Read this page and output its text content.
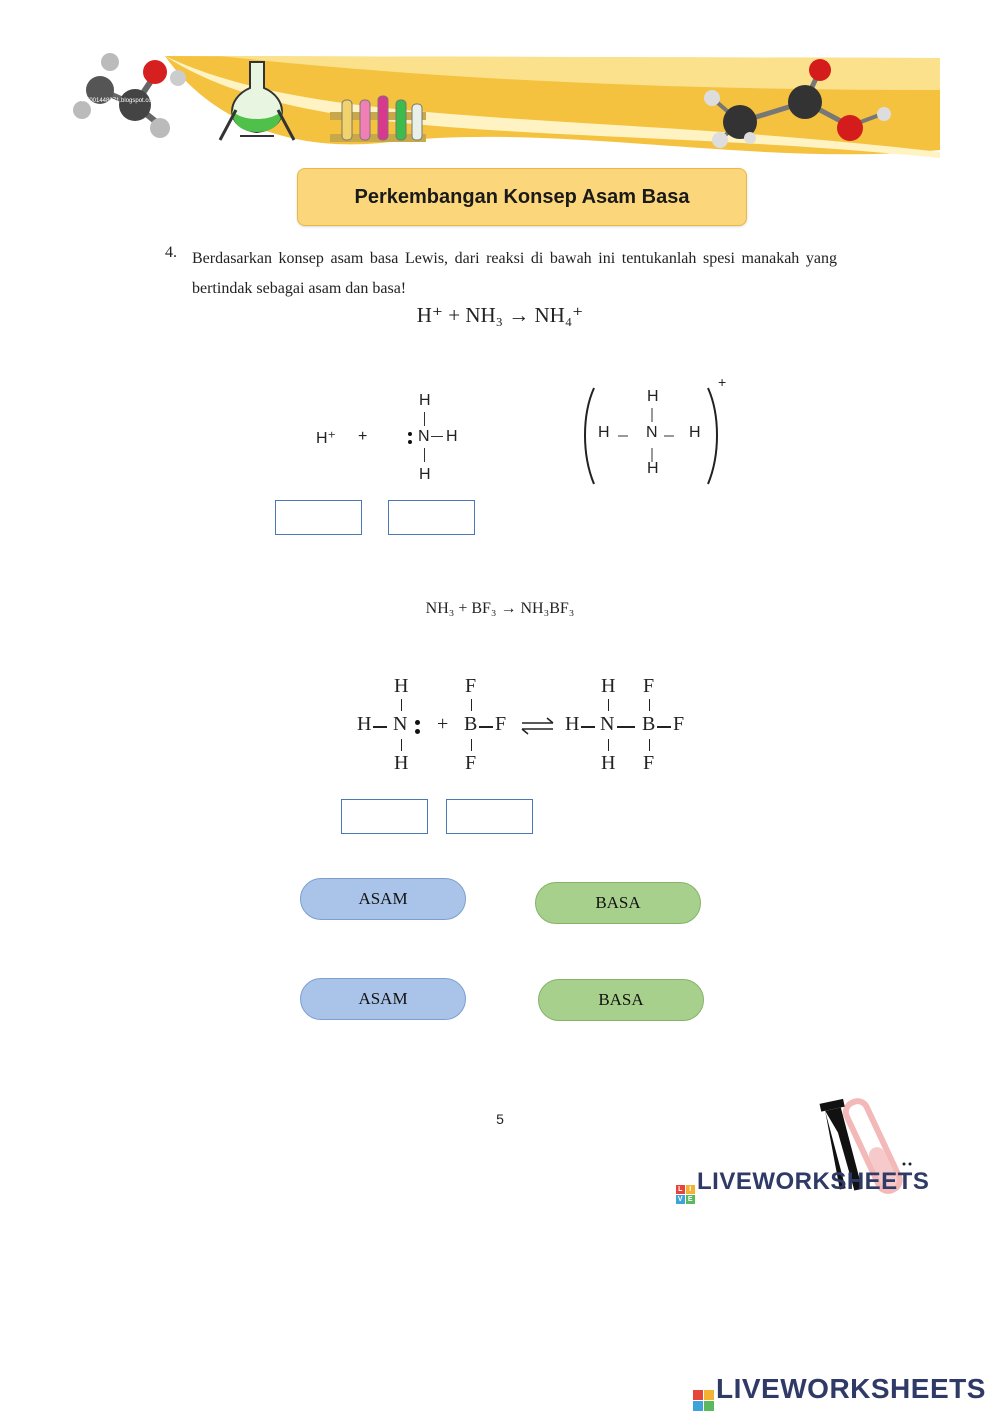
FT001448071.blogspot.co
Perkembangan Konsep Asam Basa
4. Berdasarkan konsep asam basa Lewis, dari reaksi di bawah ini tentukanlah spesi manakah yang bertindak sebagai asam dan basa!
H⁺ + NH₃ → NH₄⁺
H⁺ +
H
N H
H
H N H
H
H
+
NH₃ + BF₃ → NH₃BF₃
H
H N
H
+
F
B F
F
⇌ H
H
N
H
F
B F
F
ASAM	BASA
ASAM	BASA
5
L I
V E
LIVEWORKSHEETS
LIVEWORKSHEETS
